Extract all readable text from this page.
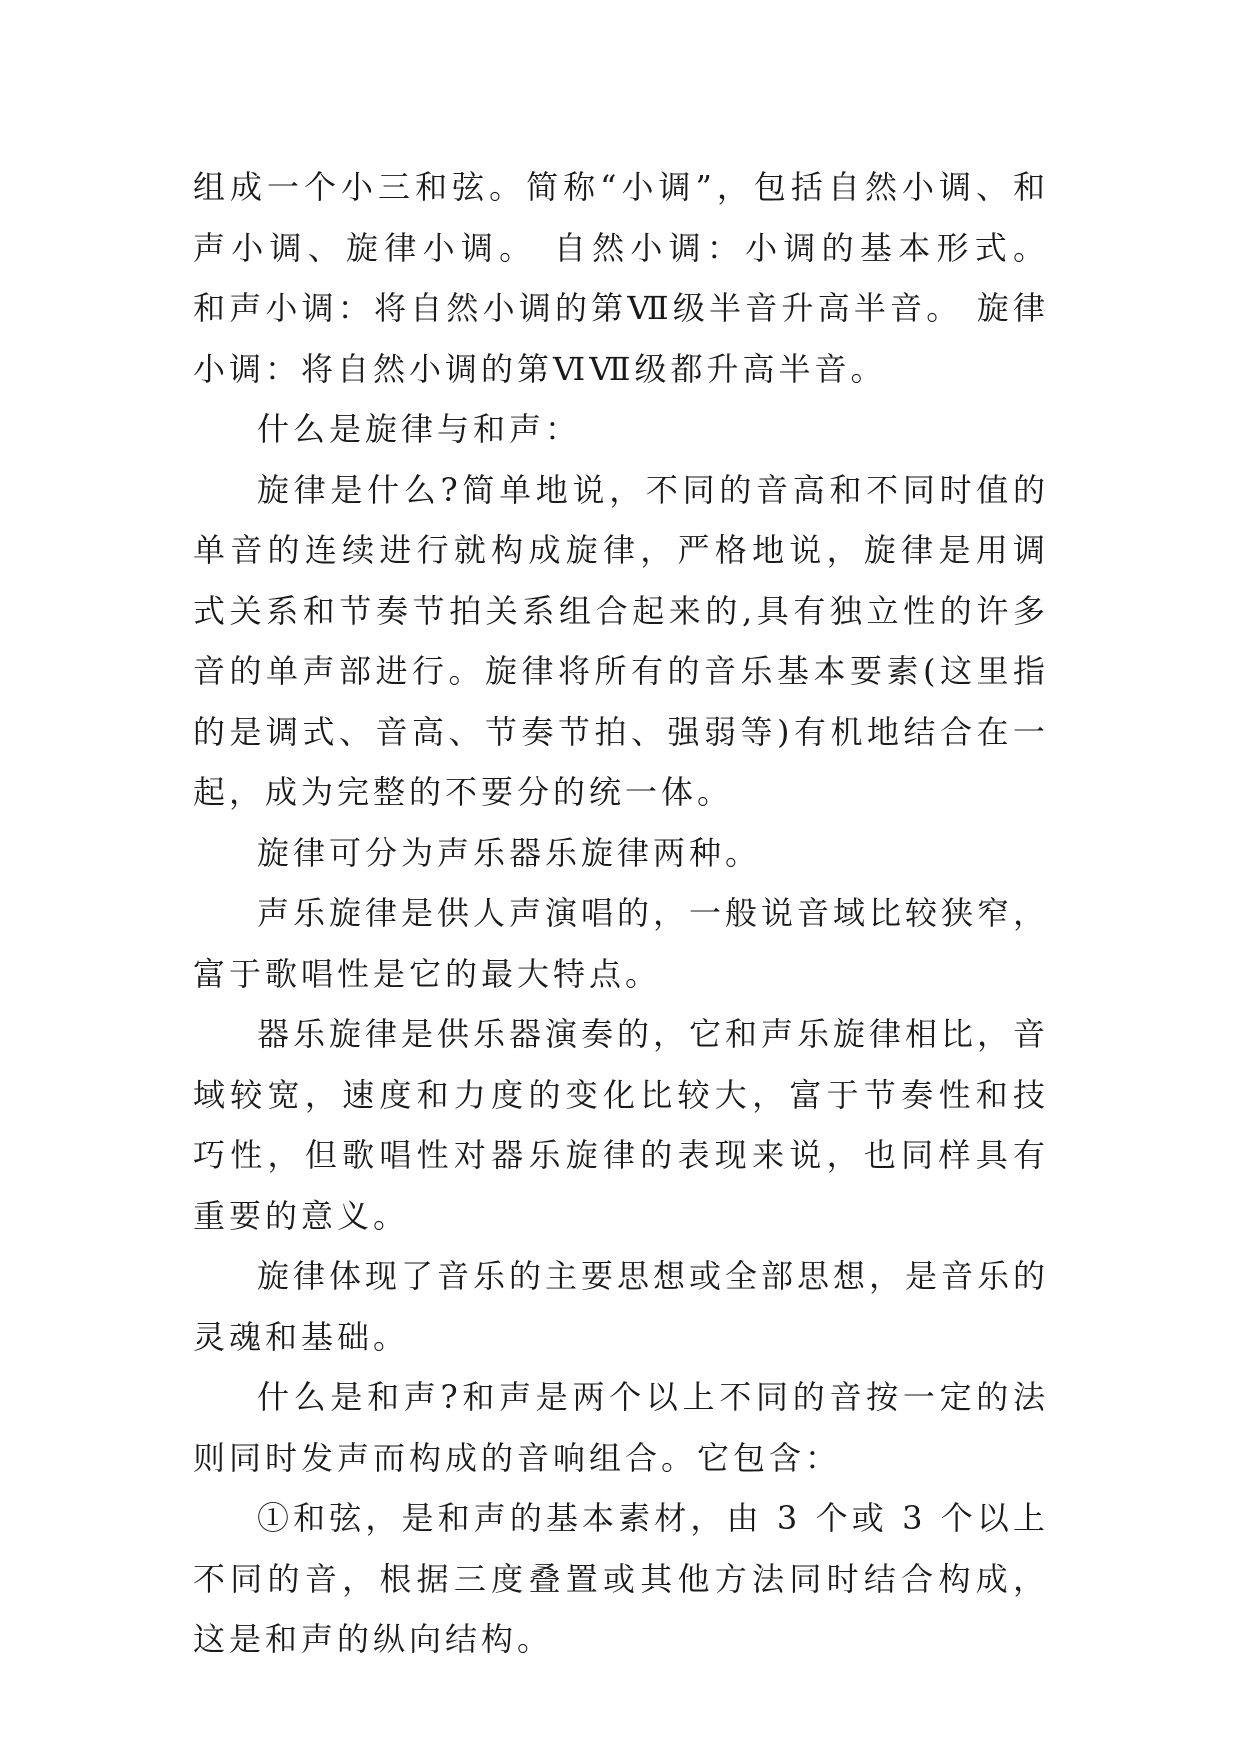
组成一个小三和弦。简称“小调”，包括自然小调、和声小调、旋律小调。 自然小调：小调的基本形式。 和声小调：将自然小调的第Ⅶ级半音升高半音。 旋律小调：将自然小调的第ⅥⅦ级都升高半音。

什么是旋律与和声：

旋律是什么?简单地说，不同的音高和不同时值的单音的连续进行就构成旋律，严格地说，旋律是用调式关系和节奏节拍关系组合起来的,具有独立性的许多音的单声部进行。旋律将所有的音乐基本要素(这里指的是调式、音高、节奏节拍、强弱等)有机地结合在一起，成为完整的不要分的统一体。

旋律可分为声乐器乐旋律两种。

声乐旋律是供人声演唱的，一般说音域比较狭窄，富于歌唱性是它的最大特点。

器乐旋律是供乐器演奏的，它和声乐旋律相比，音域较宽，速度和力度的变化比较大，富于节奏性和技巧性，但歌唱性对器乐旋律的表现来说，也同样具有重要的意义。

旋律体现了音乐的主要思想或全部思想，是音乐的灵魂和基础。

什么是和声?和声是两个以上不同的音按一定的法则同时发声而构成的音响组合。它包含：

①和弦，是和声的基本素材，由 3 个或 3 个以上不同的音，根据三度叠置或其他方法同时结合构成，这是和声的纵向结构。
